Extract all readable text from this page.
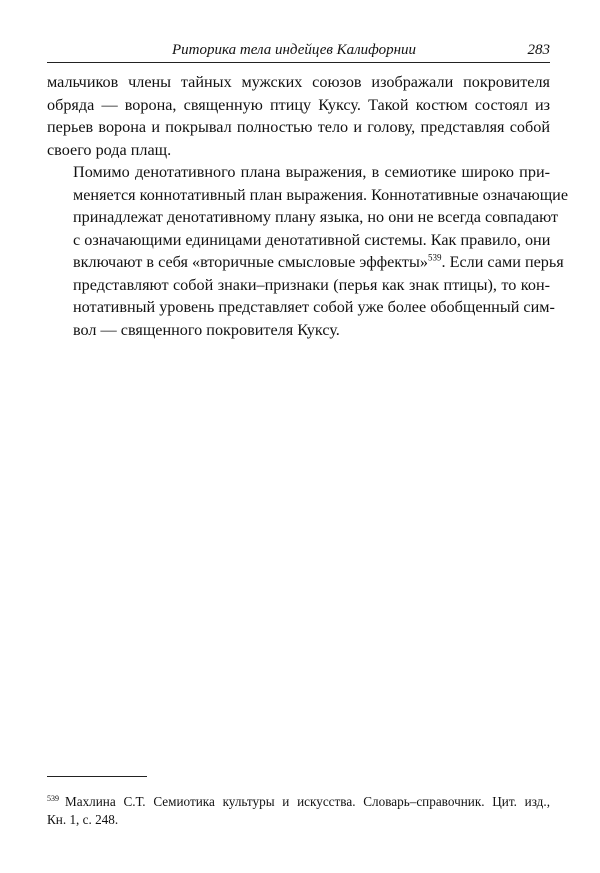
Риторика тела индейцев Калифорнии	283

мальчиков члены тайных мужских союзов изображали покровителя
обряда — ворона, священную птицу Куксу. Такой костюм состоял из
перьев ворона и покрывал полностью тело и голову, представляя собой
своего рода плащ.

Помимо денотативного плана выражения, в семиотике широко при-
меняется коннотативный план выражения. Коннотативные означающие
принадлежат денотативному плану языка, но они не всегда совпадают
с означающими единицами денотативной системы. Как правило, они
включают в себя «вторичные смысловые эффекты»$^{539}$. Если сами перья
представляют собой знаки–признаки (перья как знак птицы), то кон-
нотативный уровень представляет собой уже более обобщенный сим-
вол — священного покровителя Куксу.

$^{539}$ Махлина С.Т. Семиотика культуры и искусства. Словарь–справочник. Цит. изд.,
Кн. 1, с. 248.
